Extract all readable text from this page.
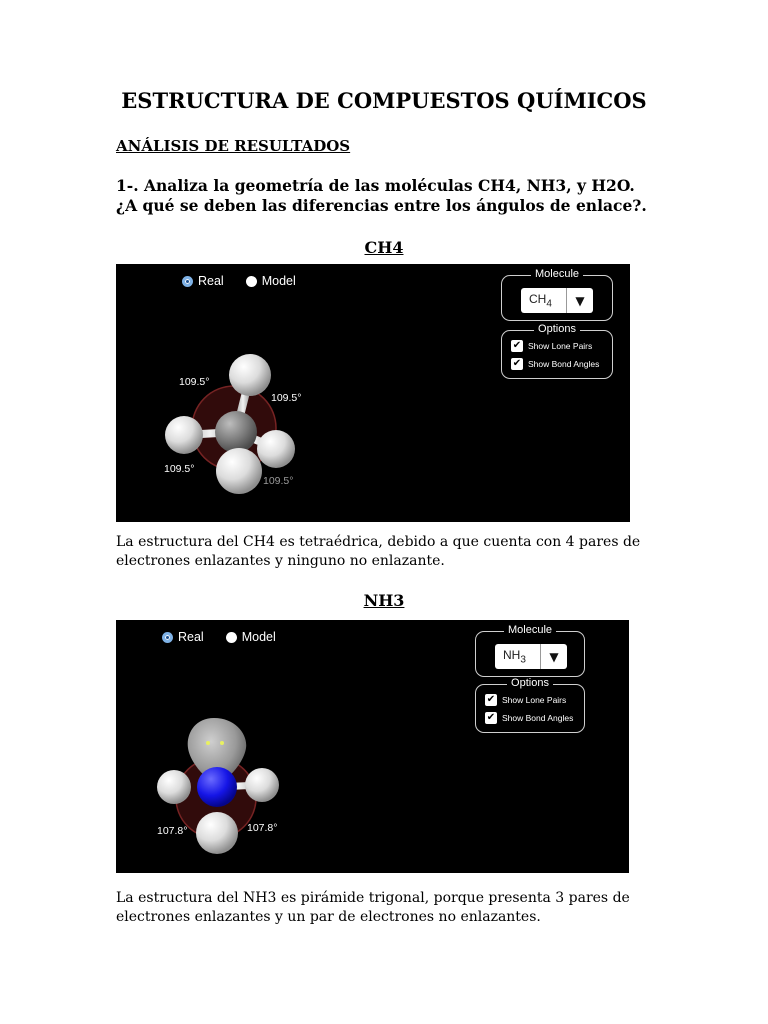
ESTRUCTURA DE COMPUESTOS QUÍMICOS
ANÁLISIS DE RESULTADOS

1-. Analiza la geometría de las moléculas CH4, NH3, y H2O. ¿A qué se deben las diferencias entre los ángulos de enlace?.

CH4
Real	Model	Molecule
$CH_4$	▼
Options
✔ Show Lone Pairs
✔ Show Bond Angles
109.5°
109.5°
109.5°
109.5°

La estructura del CH4 es tetraédrica, debido a que cuenta con 4 pares de electrones enlazantes y ninguno no enlazante.

NH3
Real	Model	Molecule
$NH_3$	▼
Options
✔ Show Lone Pairs
✔ Show Bond Angles
107.8°	107.8°

La estructura del NH3 es pirámide trigonal, porque presenta 3 pares de electrones enlazantes y un par de electrones no enlazantes.
